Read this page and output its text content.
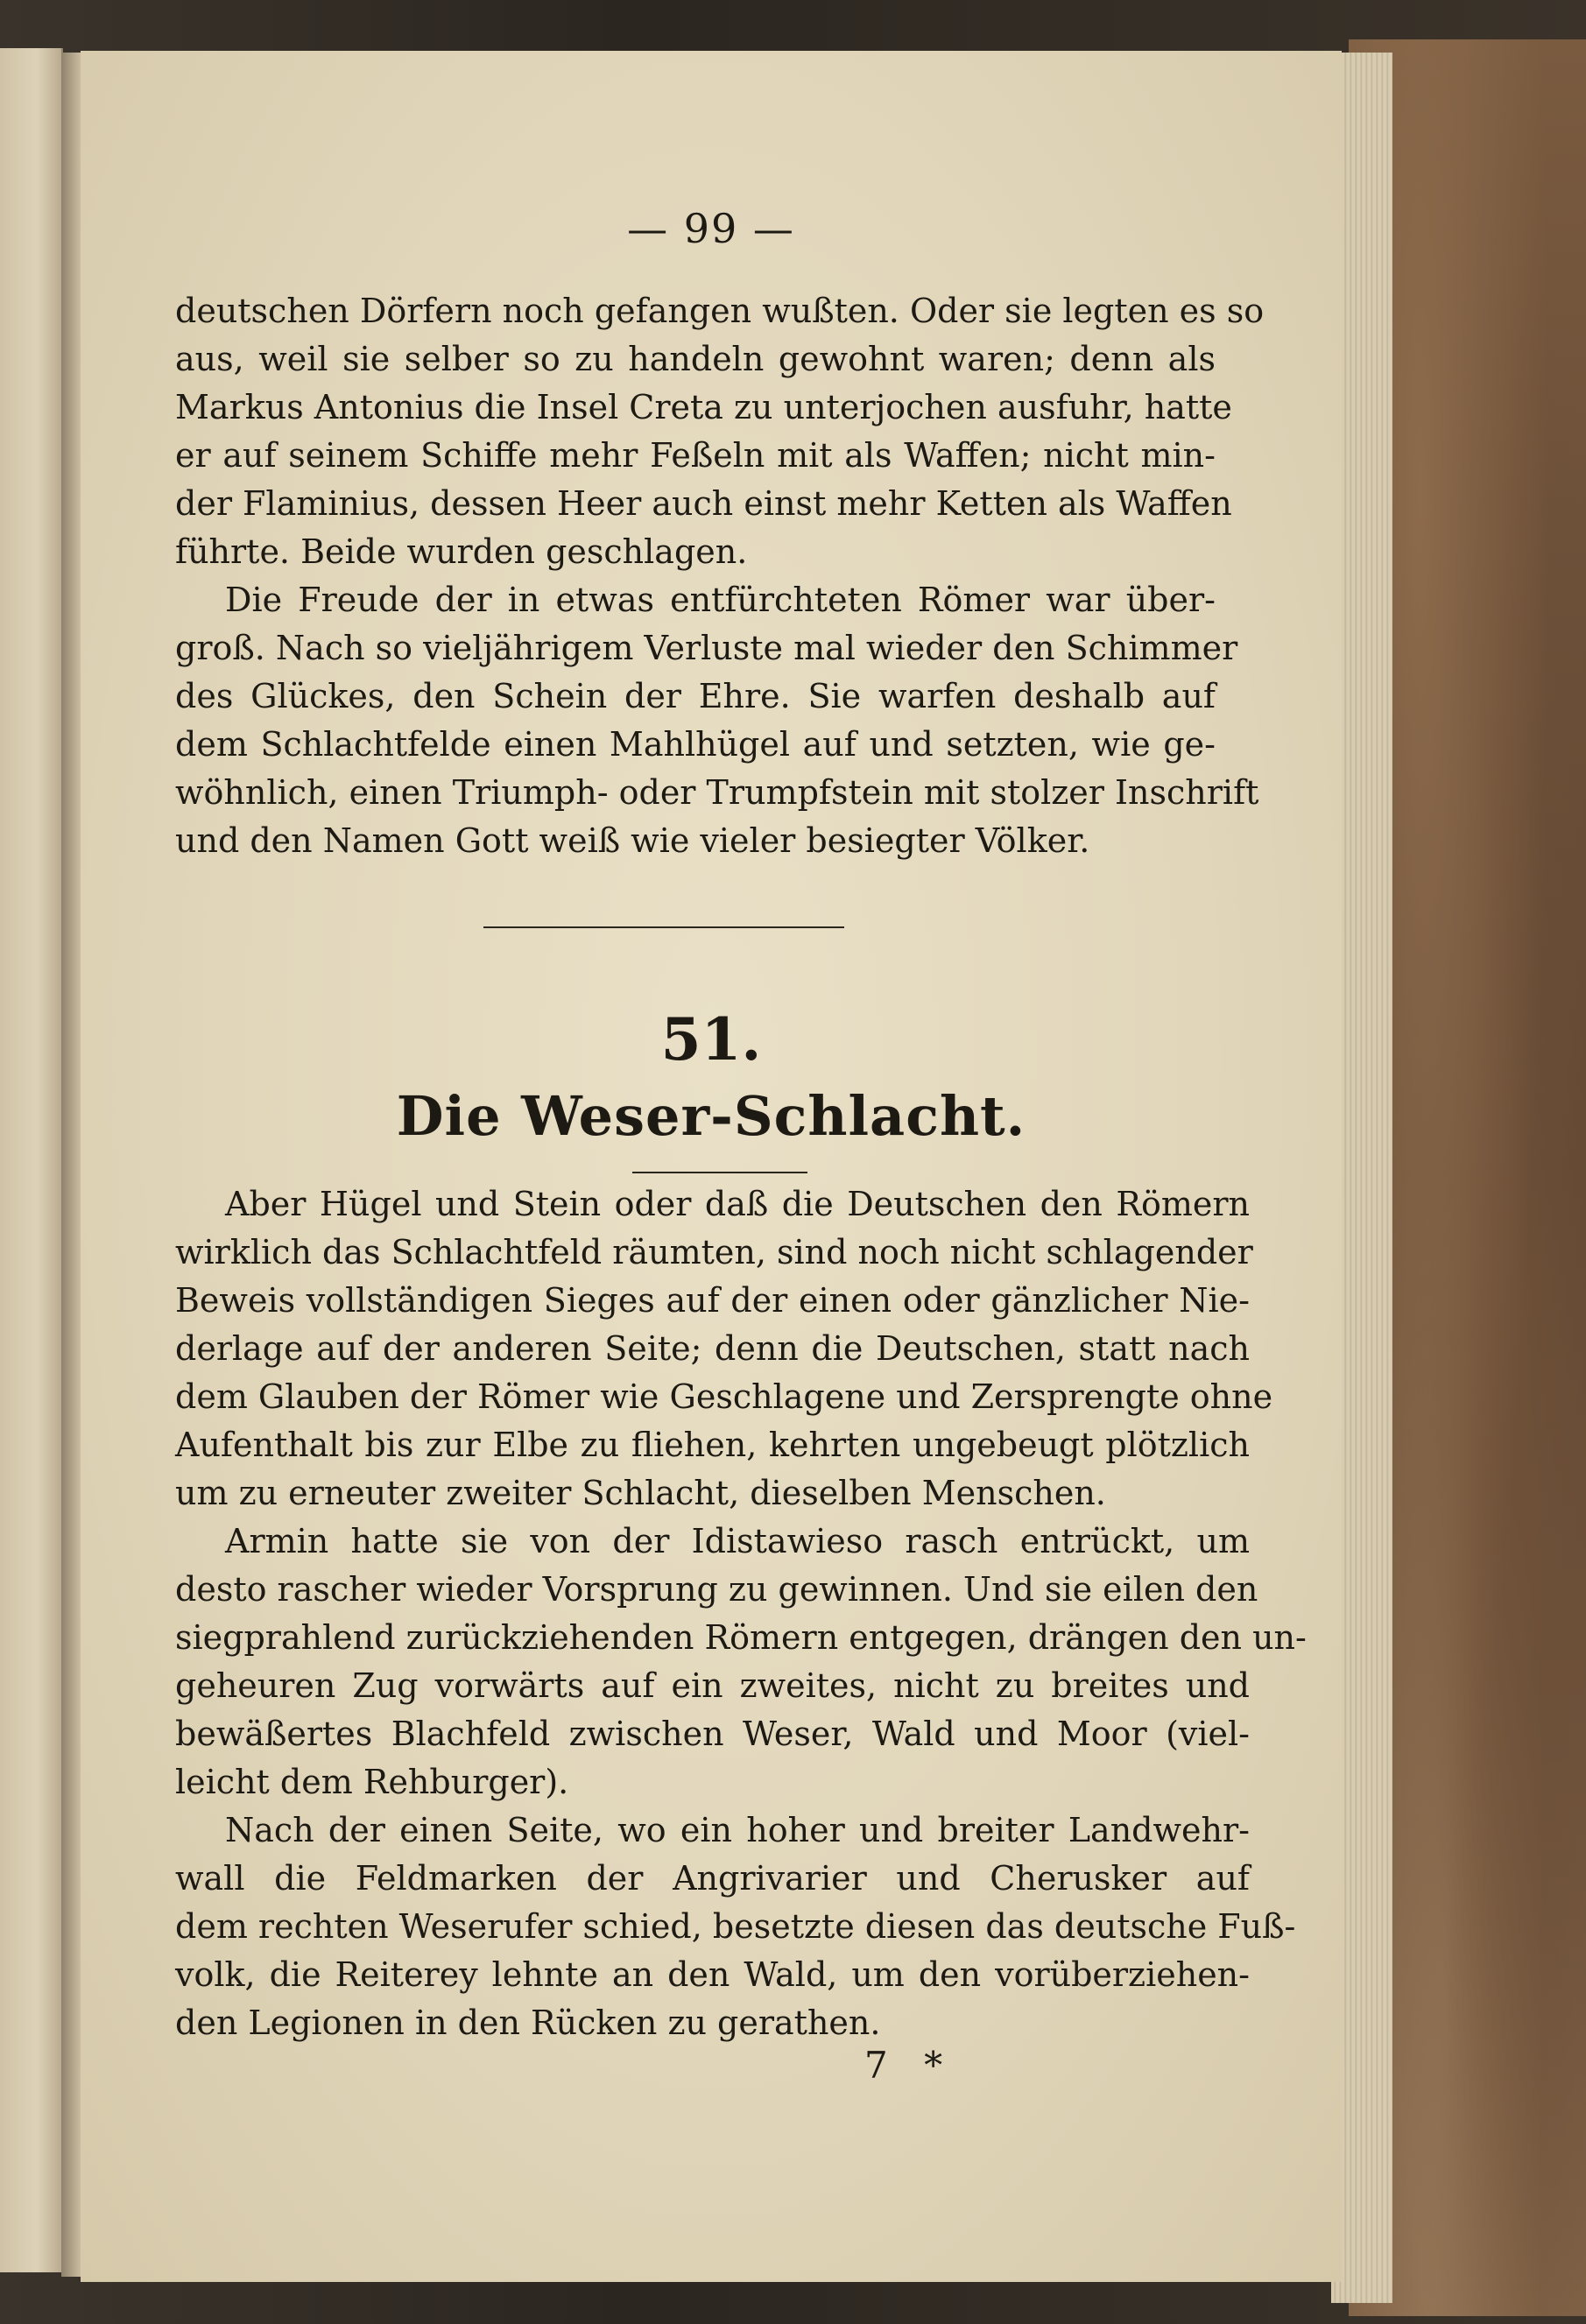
— 99 —
deutschen Dörfern noch gefangen wußten. Oder sie legten es so
aus, weil sie selber so zu handeln gewohnt waren; denn als
Markus Antonius die Insel Creta zu unterjochen ausfuhr, hatte
er auf seinem Schiffe mehr Feßeln mit als Waffen; nicht min-
der Flaminius, dessen Heer auch einst mehr Ketten als Waffen
führte. Beide wurden geschlagen.
Die Freude der in etwas entfürchteten Römer war über-
groß. Nach so vieljährigem Verluste mal wieder den Schimmer
des Glückes, den Schein der Ehre. Sie warfen deshalb auf
dem Schlachtfelde einen Mahlhügel auf und setzten, wie ge-
wöhnlich, einen Triumph- oder Trumpfstein mit stolzer Inschrift
und den Namen Gott weiß wie vieler besiegter Völker.
51.
Die Weser-Schlacht.
Aber Hügel und Stein oder daß die Deutschen den Römern
wirklich das Schlachtfeld räumten, sind noch nicht schlagender
Beweis vollständigen Sieges auf der einen oder gänzlicher Nie-
derlage auf der anderen Seite; denn die Deutschen, statt nach
dem Glauben der Römer wie Geschlagene und Zersprengte ohne
Aufenthalt bis zur Elbe zu fliehen, kehrten ungebeugt plötzlich
um zu erneuter zweiter Schlacht, dieselben Menschen.
Armin hatte sie von der Idistawieso rasch entrückt, um
desto rascher wieder Vorsprung zu gewinnen. Und sie eilen den
siegprahlend zurückziehenden Römern entgegen, drängen den un-
geheuren Zug vorwärts auf ein zweites, nicht zu breites und
bewäßertes Blachfeld zwischen Weser, Wald und Moor (viel-
leicht dem Rehburger).
Nach der einen Seite, wo ein hoher und breiter Landwehr-
wall die Feldmarken der Angrivarier und Cherusker auf
dem rechten Weserufer schied, besetzte diesen das deutsche Fuß-
volk, die Reiterey lehnte an den Wald, um den vorüberziehen-
den Legionen in den Rücken zu gerathen.
7 *
